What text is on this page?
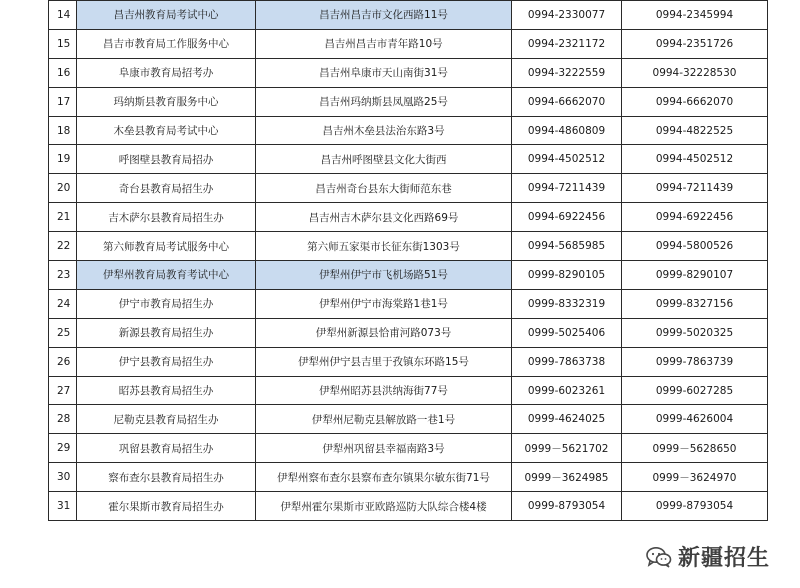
14	昌吉州教育局考试中心	昌吉州昌吉市文化西路11号	0994-2330077	0994-2345994
15	昌吉市教育局工作服务中心	昌吉州昌吉市青年路10号	0994-2321172	0994-2351726
16	阜康市教育局招考办	昌吉州阜康市天山南街31号	0994-3222559	0994-32228530
17	玛纳斯县教育服务中心	昌吉州玛纳斯县凤凰路25号	0994-6662070	0994-6662070
18	木垒县教育局考试中心	昌吉州木垒县法治东路3号	0994-4860809	0994-4822525
19	呼图壁县教育局招办	昌吉州呼图壁县文化大街西	0994-4502512	0994-4502512
20	奇台县教育局招生办	昌吉州奇台县东大街师范东巷	0994-7211439	0994-7211439
21	吉木萨尔县教育局招生办	昌吉州吉木萨尔县文化西路69号	0994-6922456	0994-6922456
22	第六师教育局考试服务中心	第六师五家渠市长征东街1303号	0994-5685985	0994-5800526
23	伊犁州教育局教育考试中心	伊犁州伊宁市飞机场路51号	0999-8290105	0999-8290107
24	伊宁市教育局招生办	伊犁州伊宁市海棠路1巷1号	0999-8332319	0999-8327156
25	新源县教育局招生办	伊犁州新源县恰甫河路073号	0999-5025406	0999-5020325
26	伊宁县教育局招生办	伊犁州伊宁县吉里于孜镇东环路15号	0999-7863738	0999-7863739
27	昭苏县教育局招生办	伊犁州昭苏县洪纳海街77号	0999-6023261	0999-6027285
28	尼勒克县教育局招生办	伊犁州尼勒克县解放路一巷1号	0999-4624025	0999-4626004
29	巩留县教育局招生办	伊犁州巩留县幸福南路3号	0999－5621702	0999－5628650
30	察布查尔县教育局招生办	伊犁州察布查尔县察布查尔镇果尔敏东街71号	0999－3624985	0999－3624970
31	霍尔果斯市教育局招生办	伊犁州霍尔果斯市亚欧路巡防大队综合楼4楼	0999-8793054	0999-8793054
新疆招生
